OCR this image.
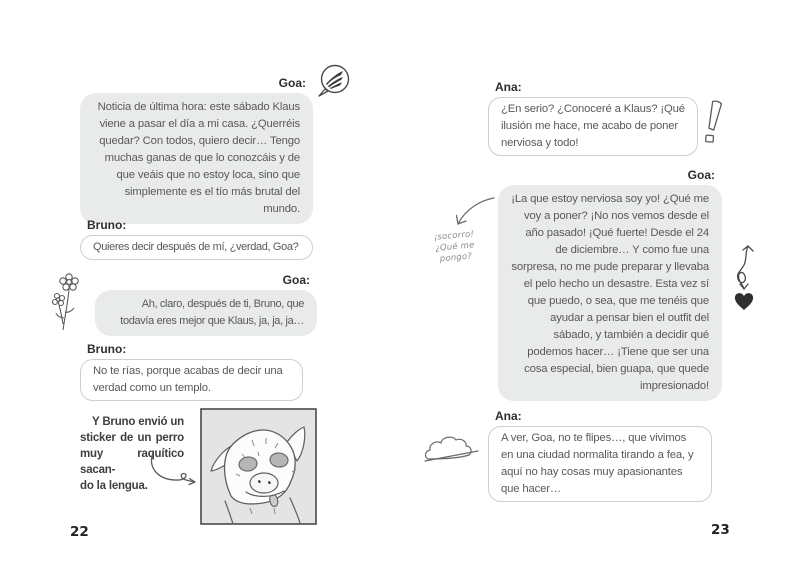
Goa:
Noticia de última hora: este sábado Klaus viene a pasar el día a mi casa. ¿Querréis quedar? Con todos, quiero decir… Tengo muchas ganas de que lo conozcáis y de que veáis que no estoy loca, sino que simplemente es el tío más brutal del mundo.
Bruno:
Quieres decir después de mí, ¿verdad, Goa?
Goa:
Ah, claro, después de ti, Bruno, que todavía eres mejor que Klaus, ja, ja, ja…
Bruno:
No te rías, porque acabas de decir una verdad como un templo.
Y Bruno envió un
sticker de un perro
muy raquítico sacan-
do la lengua.
22
Ana:
¿En serio? ¿Conoceré a Klaus? ¡Qué ilusión me hace, me acabo de poner nerviosa y todo!
Goa:
¡La que estoy nerviosa soy yo! ¿Qué me voy a poner? ¡No nos vemos desde el año pasado! ¡Qué fuerte! Desde el 24 de diciembre… Y como fue una sorpresa, no me pude preparar y llevaba el pelo hecho un desastre. Esta vez sí que puedo, o sea, que me tenéis que ayudar a pensar bien el outfit del sábado, y también a decidir qué podemos hacer… ¡Tiene que ser una cosa especial, bien guapa, que quede impresionado!
¡socorro!
¿Qué me
pongo?
Ana:
A ver, Goa, no te flipes…, que vivimos en una ciudad normalita tirando a fea, y aquí no hay cosas muy apasionantes que hacer…
23
